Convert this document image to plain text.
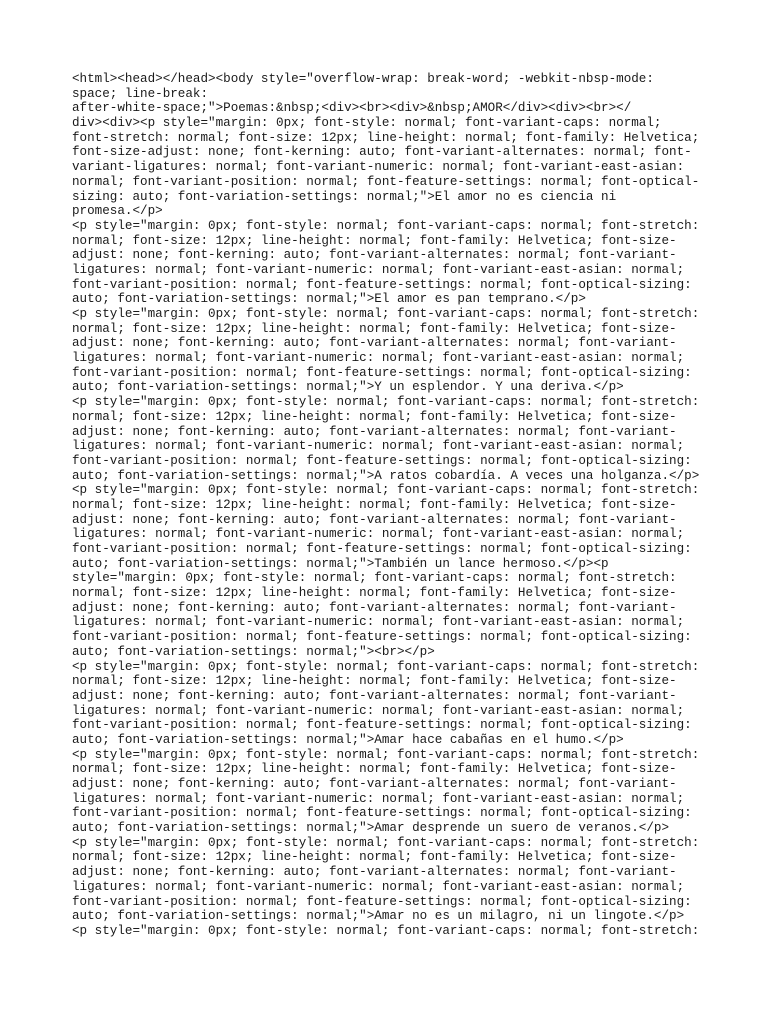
<html><head></head><body style="overflow-wrap: break-word; -webkit-nbsp-mode:
space; line-break:
after-white-space;">Poemas:&nbsp;<div><br><div>&nbsp;AMOR</div><div><br></
div><div><p style="margin: 0px; font-style: normal; font-variant-caps: normal;
font-stretch: normal; font-size: 12px; line-height: normal; font-family: Helvetica;
font-size-adjust: none; font-kerning: auto; font-variant-alternates: normal; font-
variant-ligatures: normal; font-variant-numeric: normal; font-variant-east-asian:
normal; font-variant-position: normal; font-feature-settings: normal; font-optical-
sizing: auto; font-variation-settings: normal;">El amor no es ciencia ni
promesa.</p>
<p style="margin: 0px; font-style: normal; font-variant-caps: normal; font-stretch:
normal; font-size: 12px; line-height: normal; font-family: Helvetica; font-size-
adjust: none; font-kerning: auto; font-variant-alternates: normal; font-variant-
ligatures: normal; font-variant-numeric: normal; font-variant-east-asian: normal;
font-variant-position: normal; font-feature-settings: normal; font-optical-sizing:
auto; font-variation-settings: normal;">El amor es pan temprano.</p>
<p style="margin: 0px; font-style: normal; font-variant-caps: normal; font-stretch:
normal; font-size: 12px; line-height: normal; font-family: Helvetica; font-size-
adjust: none; font-kerning: auto; font-variant-alternates: normal; font-variant-
ligatures: normal; font-variant-numeric: normal; font-variant-east-asian: normal;
font-variant-position: normal; font-feature-settings: normal; font-optical-sizing:
auto; font-variation-settings: normal;">Y un esplendor. Y una deriva.</p>
<p style="margin: 0px; font-style: normal; font-variant-caps: normal; font-stretch:
normal; font-size: 12px; line-height: normal; font-family: Helvetica; font-size-
adjust: none; font-kerning: auto; font-variant-alternates: normal; font-variant-
ligatures: normal; font-variant-numeric: normal; font-variant-east-asian: normal;
font-variant-position: normal; font-feature-settings: normal; font-optical-sizing:
auto; font-variation-settings: normal;">A ratos cobardía. A veces una holganza.</p>
<p style="margin: 0px; font-style: normal; font-variant-caps: normal; font-stretch:
normal; font-size: 12px; line-height: normal; font-family: Helvetica; font-size-
adjust: none; font-kerning: auto; font-variant-alternates: normal; font-variant-
ligatures: normal; font-variant-numeric: normal; font-variant-east-asian: normal;
font-variant-position: normal; font-feature-settings: normal; font-optical-sizing:
auto; font-variation-settings: normal;">También un lance hermoso.</p><p
style="margin: 0px; font-style: normal; font-variant-caps: normal; font-stretch:
normal; font-size: 12px; line-height: normal; font-family: Helvetica; font-size-
adjust: none; font-kerning: auto; font-variant-alternates: normal; font-variant-
ligatures: normal; font-variant-numeric: normal; font-variant-east-asian: normal;
font-variant-position: normal; font-feature-settings: normal; font-optical-sizing:
auto; font-variation-settings: normal;"><br></p>
<p style="margin: 0px; font-style: normal; font-variant-caps: normal; font-stretch:
normal; font-size: 12px; line-height: normal; font-family: Helvetica; font-size-
adjust: none; font-kerning: auto; font-variant-alternates: normal; font-variant-
ligatures: normal; font-variant-numeric: normal; font-variant-east-asian: normal;
font-variant-position: normal; font-feature-settings: normal; font-optical-sizing:
auto; font-variation-settings: normal;">Amar hace cabañas en el humo.</p>
<p style="margin: 0px; font-style: normal; font-variant-caps: normal; font-stretch:
normal; font-size: 12px; line-height: normal; font-family: Helvetica; font-size-
adjust: none; font-kerning: auto; font-variant-alternates: normal; font-variant-
ligatures: normal; font-variant-numeric: normal; font-variant-east-asian: normal;
font-variant-position: normal; font-feature-settings: normal; font-optical-sizing:
auto; font-variation-settings: normal;">Amar desprende un suero de veranos.</p>
<p style="margin: 0px; font-style: normal; font-variant-caps: normal; font-stretch:
normal; font-size: 12px; line-height: normal; font-family: Helvetica; font-size-
adjust: none; font-kerning: auto; font-variant-alternates: normal; font-variant-
ligatures: normal; font-variant-numeric: normal; font-variant-east-asian: normal;
font-variant-position: normal; font-feature-settings: normal; font-optical-sizing:
auto; font-variation-settings: normal;">Amar no es un milagro, ni un lingote.</p>
<p style="margin: 0px; font-style: normal; font-variant-caps: normal; font-stretch:
